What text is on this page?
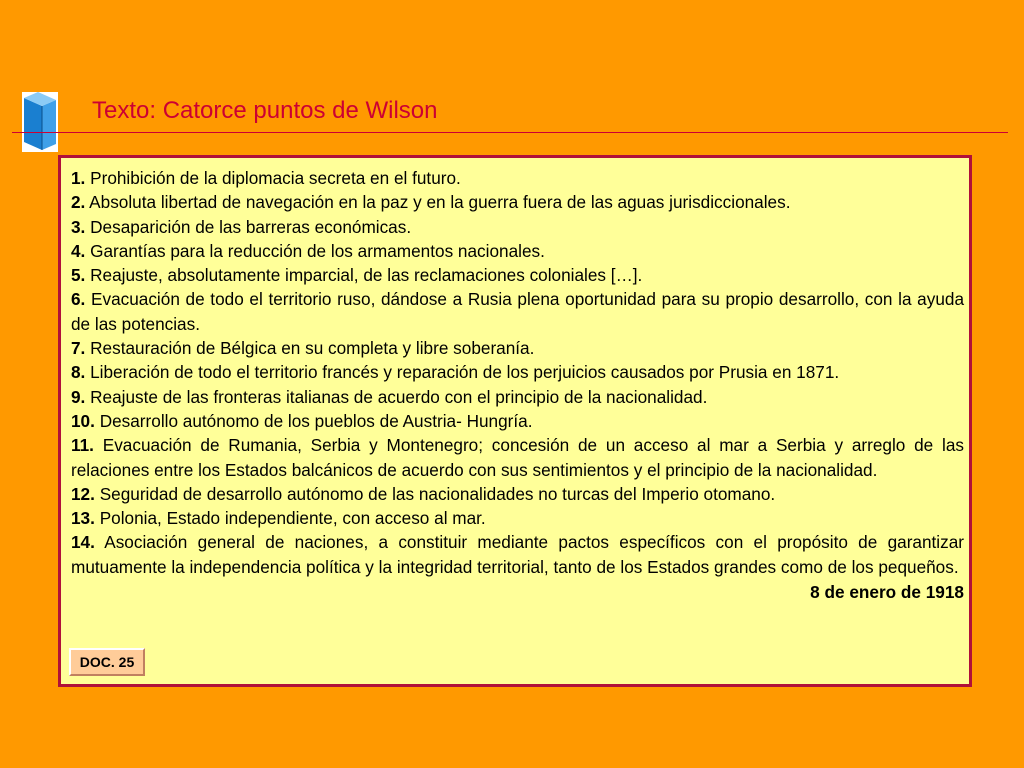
Texto: Catorce puntos de Wilson

1. Prohibición de la diplomacia secreta en el futuro.

2. Absoluta libertad de navegación en la paz y en la guerra fuera de las aguas jurisdiccionales.

3. Desaparición de las barreras económicas.

4. Garantías para la reducción de los armamentos nacionales.

5. Reajuste, absolutamente imparcial, de las reclamaciones coloniales […].

6. Evacuación de todo el territorio ruso, dándose a Rusia plena oportunidad para su propio desarrollo, con la ayuda de las potencias.

7. Restauración de Bélgica en su completa y libre soberanía.

8. Liberación de todo el territorio francés y reparación de los perjuicios causados por Prusia en 1871.

9. Reajuste de las fronteras italianas de acuerdo con el principio de la nacionalidad.

10. Desarrollo autónomo de los pueblos de Austria- Hungría.

11. Evacuación de Rumania, Serbia y Montenegro; concesión de un acceso al mar a Serbia y arreglo de las relaciones entre los Estados balcánicos de acuerdo con sus sentimientos y el principio de la nacionalidad.

12. Seguridad de desarrollo autónomo de las nacionalidades no turcas del Imperio otomano.

13. Polonia, Estado independiente, con acceso al mar.

14. Asociación general de naciones, a constituir mediante pactos específicos con el propósito de garantizar mutuamente la independencia política y la integridad territorial, tanto de los Estados grandes como de los pequeños.

8 de enero de 1918

DOC. 25
